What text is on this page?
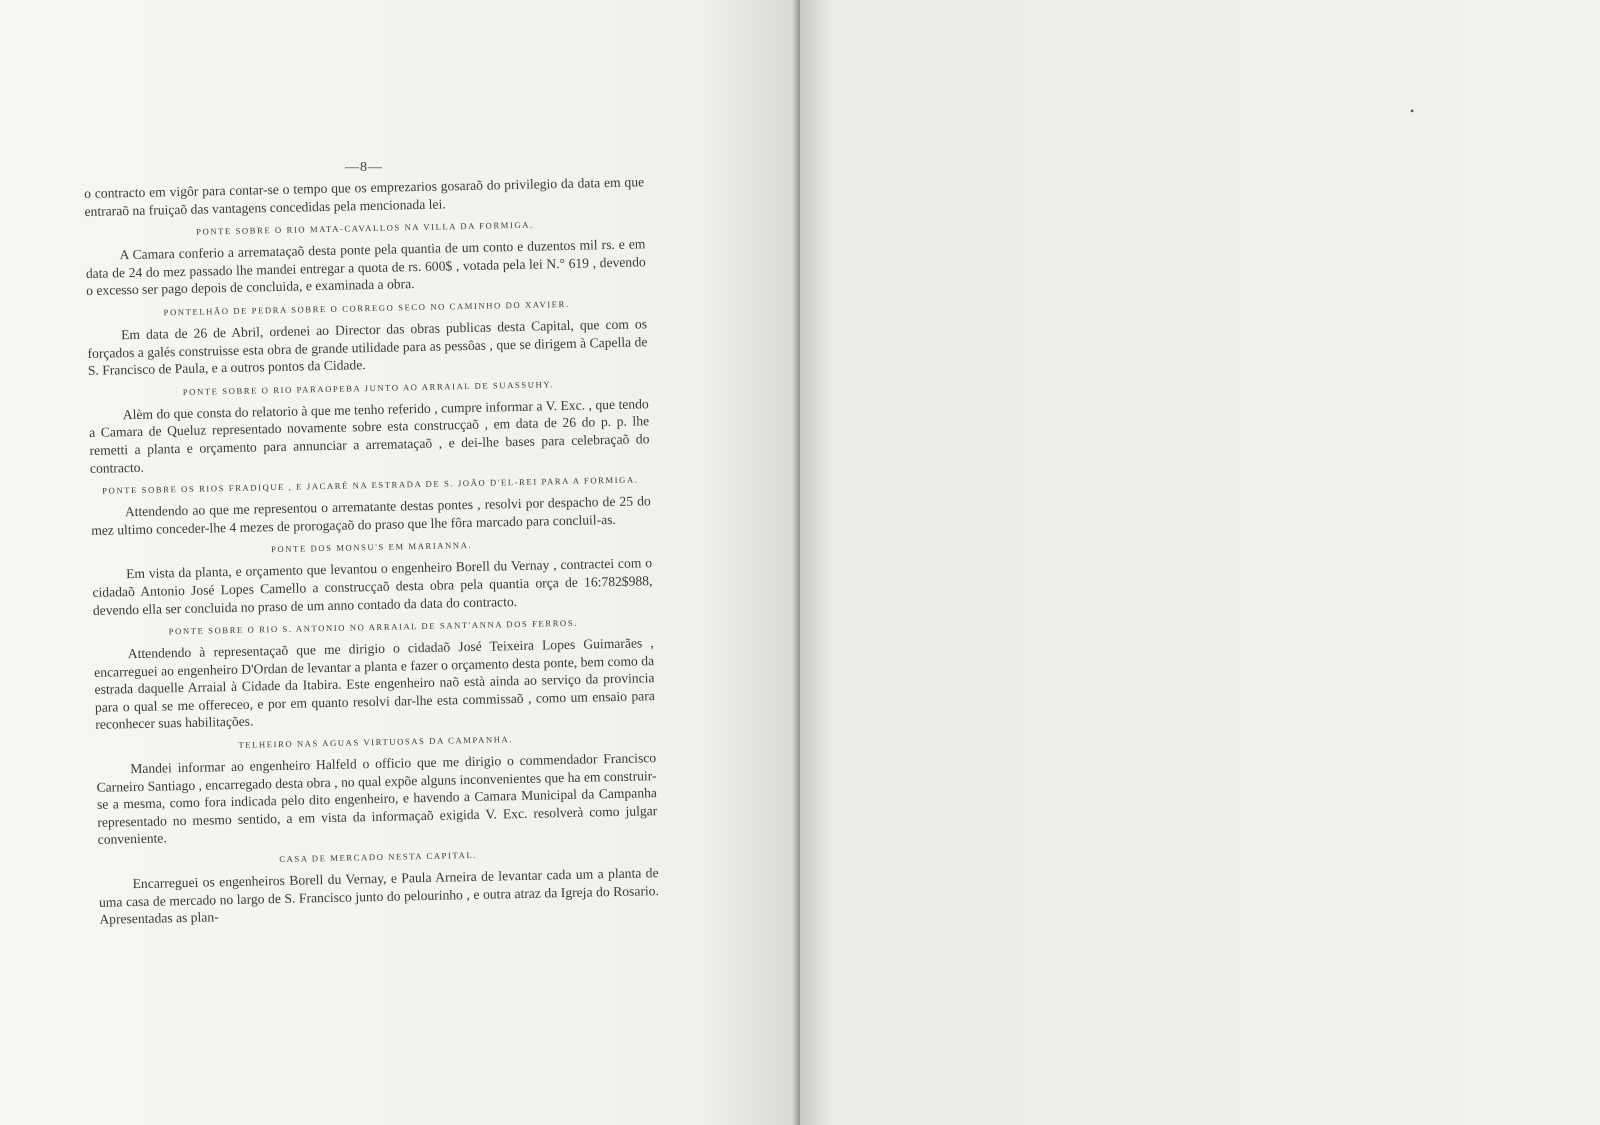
—8—

o contracto em vigôr para contar-se o tempo que os emprezarios gosaraõ do privilegio da data em que entraraõ na fruiçaõ das vantagens concedidas pela mencionada lei.

PONTE SOBRE O RIO MATA-CAVALLOS NA VILLA DA FORMIGA.

A Camara conferio a arremataçaõ desta ponte pela quantia de um conto e duzentos mil rs. e em data de 24 do mez passado lhe mandei entregar a quota de rs. 600$ , votada pela lei N.° 619 , devendo o excesso ser pago depois de concluida, e examinada a obra.

PONTELHÃO DE PEDRA SOBRE O CORREGO SECO NO CAMINHO DO XAVIER.

Em data de 26 de Abril, ordenei ao Director das obras publicas desta Capital, que com os forçados a galés construisse esta obra de grande utilidade para as pessôas , que se dirigem à Capella de S. Francisco de Paula, e a outros pontos da Cidade.

PONTE SOBRE O RIO PARAOPEBA JUNTO AO ARRAIAL DE SUASSUHY.

Alèm do que consta do relatorio à que me tenho referido , cumpre informar a V. Exc. , que tendo a Camara de Queluz representado novamente sobre esta construcçaõ , em data de 26 do p. p. lhe remetti a planta e orçamento para annunciar a arremataçaõ , e dei-lhe bases para celebraçaõ do contracto.

PONTE SOBRE OS RIOS FRADIQUE , E JACARÉ NA ESTRADA DE S. JOÃO D'EL-REI PARA A FORMIGA.

Attendendo ao que me representou o arrematante destas pontes , resolvi por despacho de 25 do mez ultimo conceder-lhe 4 mezes de prorogaçaõ do praso que lhe fôra marcado para concluil-as.

PONTE DOS MONSU'S EM MARIANNA.

Em vista da planta, e orçamento que levantou o engenheiro Borell du Vernay , contractei com o cidadaõ Antonio José Lopes Camello a construcçaõ desta obra pela quantia orça de 16:782$988, devendo ella ser concluida no praso de um anno contado da data do contracto.

PONTE SOBRE O RIO S. ANTONIO NO ARRAIAL DE SANT'ANNA DOS FERROS.

Attendendo à representaçaõ que me dirigio o cidadaõ José Teixeira Lopes Guimarães , encarreguei ao engenheiro D'Ordan de levantar a planta e fazer o orçamento desta ponte, bem como da estrada daquelle Arraial à Cidade da Itabira. Este engenheiro naõ està ainda ao serviço da provincia para o qual se me offereceo, e por em quanto resolvi dar-lhe esta commissaõ , como um ensaio para reconhecer suas habilitações.

TELHEIRO NAS AGUAS VIRTUOSAS DA CAMPANHA.

Mandei informar ao engenheiro Halfeld o officio que me dirigio o commendador Francisco Carneiro Santiago , encarregado desta obra , no qual expõe alguns inconvenientes que ha em construir-se a mesma, como fora indicada pelo dito engenheiro, e havendo a Camara Municipal da Campanha representado no mesmo sentido, a em vista da informaçaõ exigida V. Exc. resolverà como julgar conveniente.

CASA DE MERCADO NESTA CAPITAL.

Encarreguei os engenheiros Borell du Vernay, e Paula Arneira de levantar cada um a planta de uma casa de mercado no largo de S. Francisco junto do pelourinho , e outra atraz da Igreja do Rosario. Apresentadas as plan-

•
